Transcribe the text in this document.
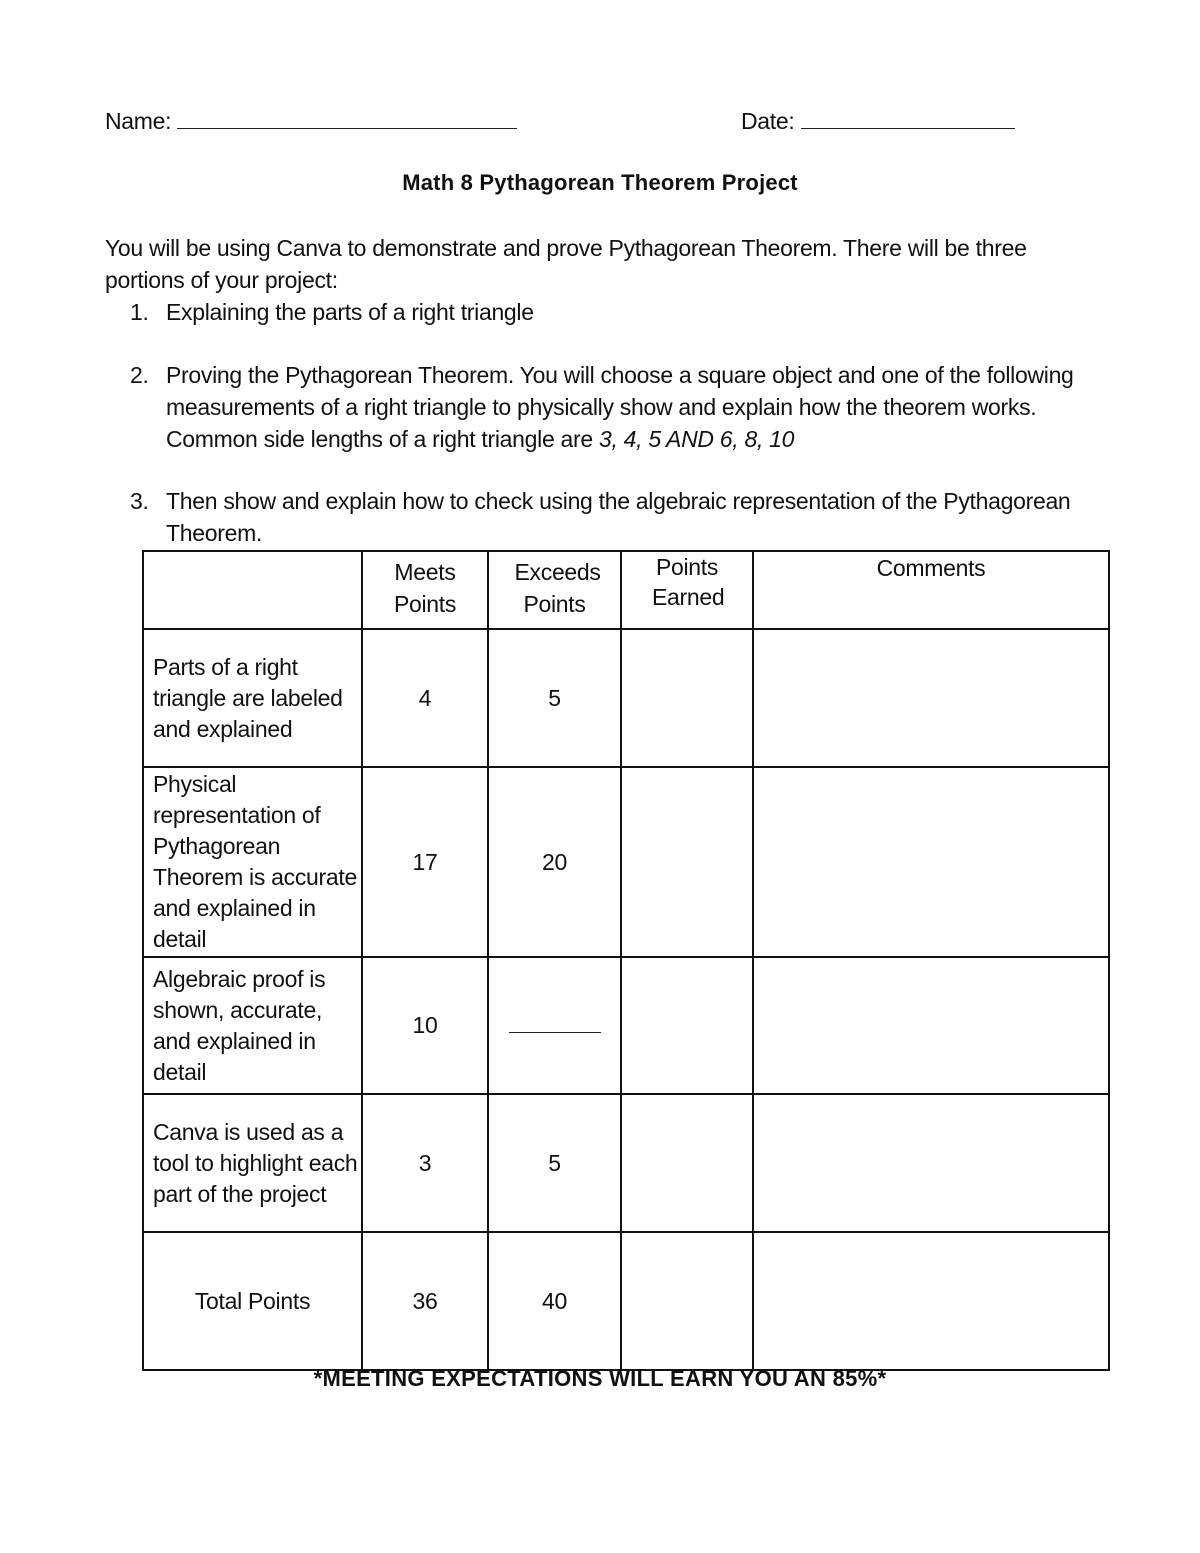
Name:	Date:
Math 8 Pythagorean Theorem Project
You will be using Canva to demonstrate and prove Pythagorean Theorem. There will be three portions of your project:
1. Explaining the parts of a right triangle
2. Proving the Pythagorean Theorem. You will choose a square object and one of the following measurements of a right triangle to physically show and explain how the theorem works. Common side lengths of a right triangle are 3, 4, 5 AND 6, 8, 10
3. Then show and explain how to check using the algebraic representation of the Pythagorean Theorem.

	Meets Points	Exceeds Points	Points Earned	Comments
Parts of a right triangle are labeled and explained	4	5		
Physical representation of Pythagorean Theorem is accurate and explained in detail	17	20		
Algebraic proof is shown, accurate, and explained in detail	10			
Canva is used as a tool to highlight each part of the project	3	5		
Total Points	36	40		
*MEETING EXPECTATIONS WILL EARN YOU AN 85%*
